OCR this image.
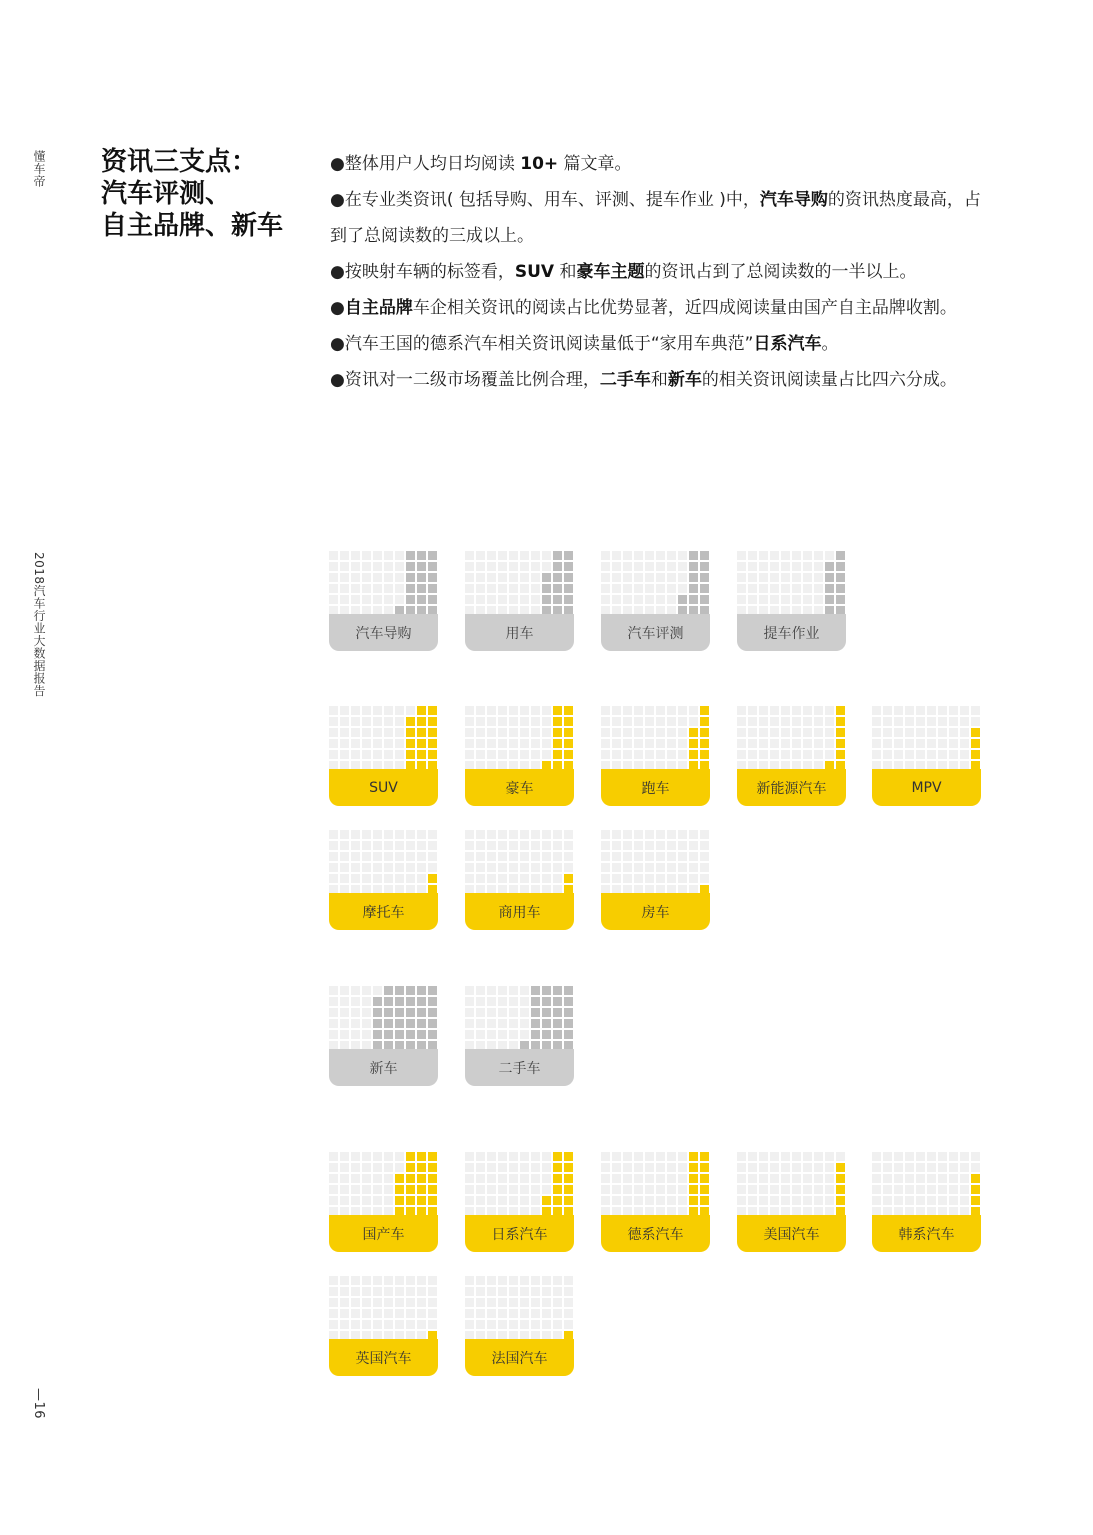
懂车帝
2018汽车行业大数据报告
—16
资讯三支点：
汽车评测、
自主品牌、新车

●整体用户人均日均阅读 10+ 篇文章。

●在专业类资讯( 包括导购、用车、评测、提车作业 )中，汽车导购的资讯热度最高，占到了总阅读数的三成以上。

●按映射车辆的标签看，SUV 和豪车主题的资讯占到了总阅读数的一半以上。

●自主品牌车企相关资讯的阅读占比优势显著，近四成阅读量由国产自主品牌收割。

●汽车王国的德系汽车相关资讯阅读量低于“家用车典范”日系汽车。

●资讯对一二级市场覆盖比例合理，二手车和新车的相关资讯阅读量占比四六分成。

汽车导购	用车	汽车评测	提车作业
SUV	豪车	跑车	新能源汽车	MPV
摩托车	商用车	房车
新车	二手车
国产车	日系汽车	德系汽车	美国汽车	韩系汽车
英国汽车	法国汽车
